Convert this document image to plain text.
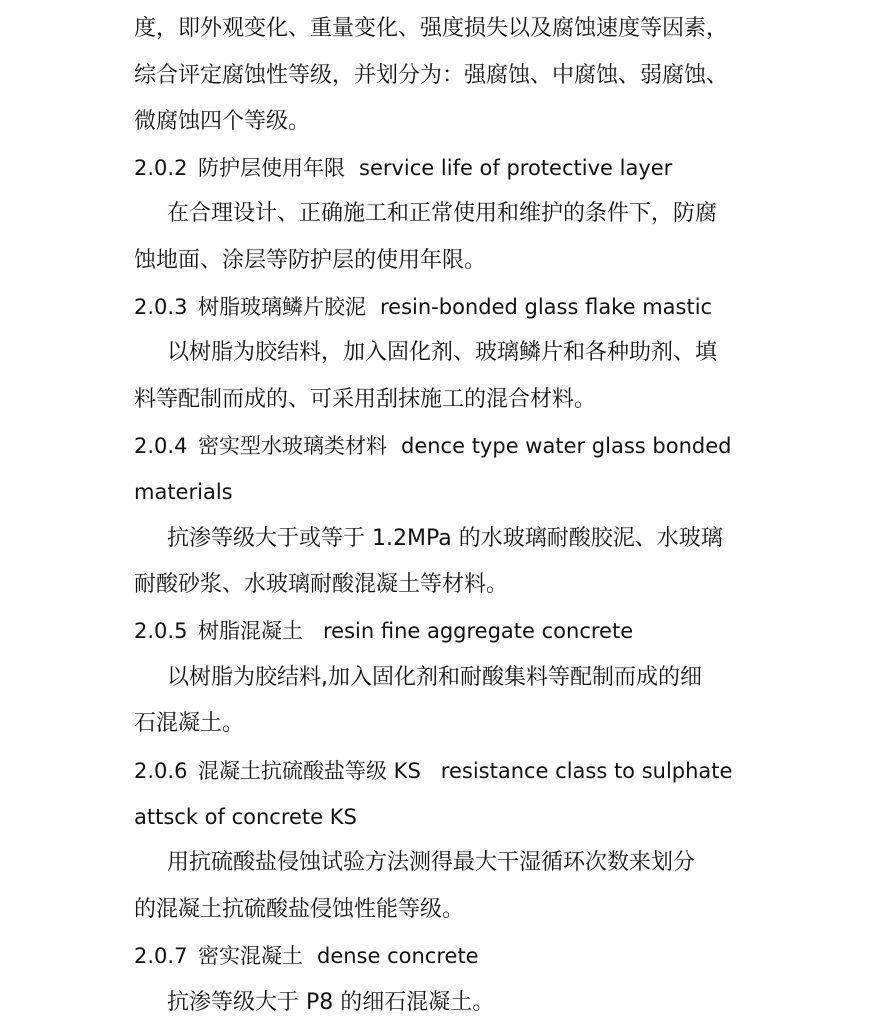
度，即外观变化、重量变化、强度损失以及腐蚀速度等因素，
综合评定腐蚀性等级，并划分为：强腐蚀、中腐蚀、弱腐蚀、
微腐蚀四个等级。
2.0.2 防护层使用年限 service life of protective layer
在合理设计、正确施工和正常使用和维护的条件下，防腐
蚀地面、涂层等防护层的使用年限。
2.0.3 树脂玻璃鳞片胶泥 resin-bonded glass flake mastic
以树脂为胶结料，加入固化剂、玻璃鳞片和各种助剂、填
料等配制而成的、可采用刮抹施工的混合材料。
2.0.4 密实型水玻璃类材料 dence type water glass bonded
materials
抗渗等级大于或等于 1.2MPa 的水玻璃耐酸胶泥、水玻璃
耐酸砂浆、水玻璃耐酸混凝土等材料。
2.0.5 树脂混凝土 resin fine aggregate concrete
以树脂为胶结料,加入固化剂和耐酸集料等配制而成的细
石混凝土。
2.0.6 混凝土抗硫酸盐等级 KS resistance class to sulphate
attsck of concrete KS
用抗硫酸盐侵蚀试验方法测得最大干湿循环次数来划分
的混凝土抗硫酸盐侵蚀性能等级。
2.0.7 密实混凝土 dense concrete
抗渗等级大于 P8 的细石混凝土。
